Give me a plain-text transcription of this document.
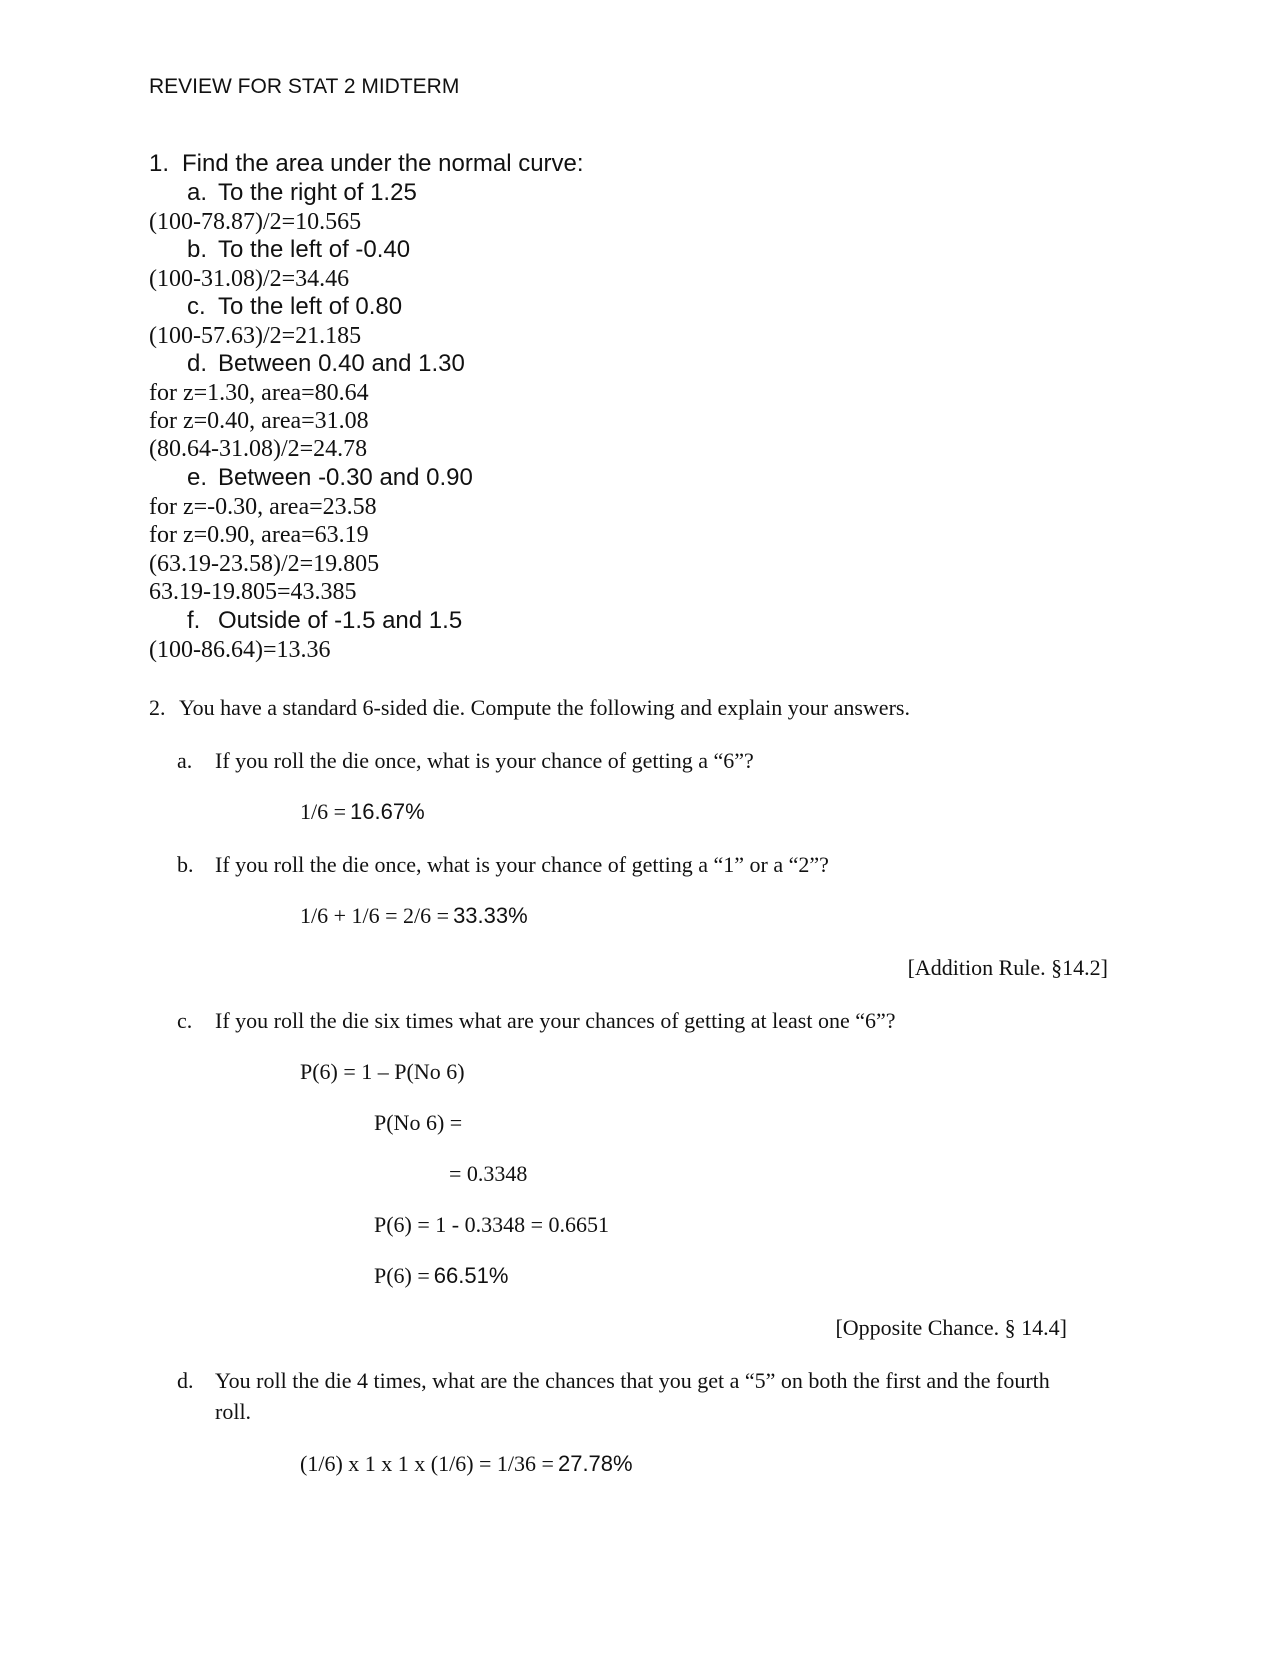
REVIEW FOR STAT 2 MIDTERM
1. Find the area under the normal curve:
a. To the right of 1.25
(100-78.87)/2=10.565
b. To the left of -0.40
(100-31.08)/2=34.46
c. To the left of 0.80
(100-57.63)/2=21.185
d. Between 0.40 and 1.30
for z=1.30, area=80.64
for z=0.40, area=31.08
(80.64-31.08)/2=24.78
e. Between -0.30 and 0.90
for z=-0.30, area=23.58
for z=0.90, area=63.19
(63.19-23.58)/2=19.805
63.19-19.805=43.385
f. Outside of -1.5 and 1.5
(100-86.64)=13.36
2. You have a standard 6-sided die. Compute the following and explain your answers.
a. If you roll the die once, what is your chance of getting a “6”?
1/6 = 16.67%
b. If you roll the die once, what is your chance of getting a “1” or a “2”?
1/6 + 1/6 = 2/6 = 33.33%
[Addition Rule. §14.2]
c. If you roll the die six times what are your chances of getting at least one “6”?
P(6) = 1 – P(No 6)
P(No 6) =
= 0.3348
P(6) = 1 - 0.3348 = 0.6651
P(6) = 66.51%
[Opposite Chance. § 14.4]
d. You roll the die 4 times, what are the chances that you get a “5” on both the first and the fourth
roll.
(1/6) x 1 x 1 x (1/6) = 1/36 = 27.78%
